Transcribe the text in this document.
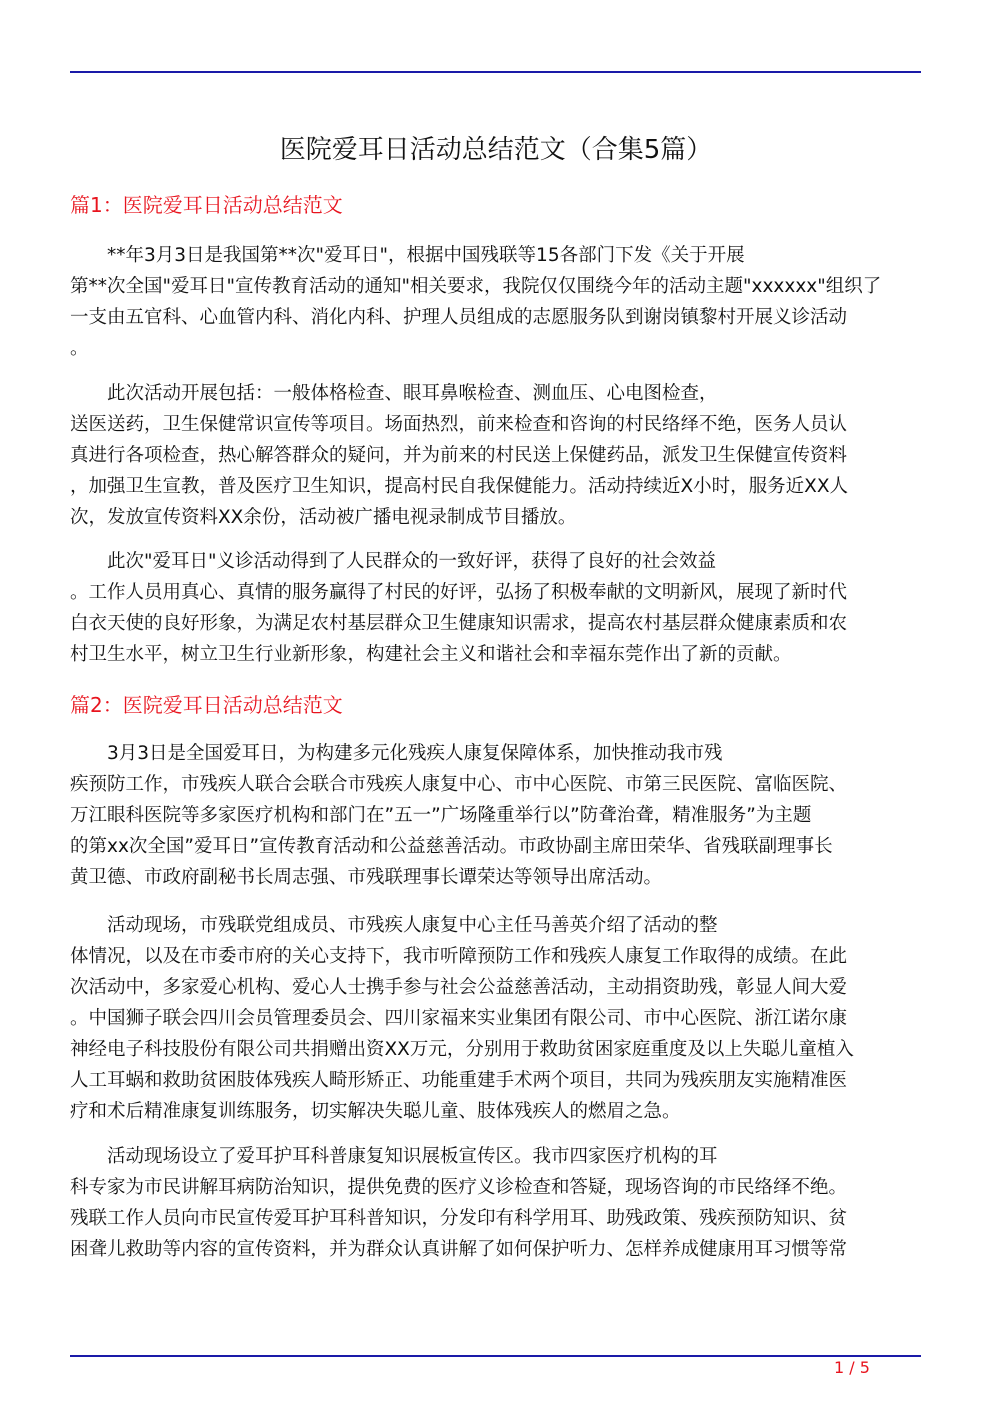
医院爱耳日活动总结范文（合集5篇）
篇1：医院爱耳日活动总结范文
**年3月3日是我国第**次"爱耳日"，根据中国残联等15各部门下发《关于开展
第**次全国"爱耳日"宣传教育活动的通知"相关要求，我院仅仅围绕今年的活动主题"xxxxxx"组织了
一支由五官科、心血管内科、消化内科、护理人员组成的志愿服务队到谢岗镇黎村开展义诊活动
。
此次活动开展包括：一般体格检查、眼耳鼻喉检查、测血压、心电图检查，
送医送药，卫生保健常识宣传等项目。场面热烈，前来检查和咨询的村民络绎不绝，医务人员认
真进行各项检查，热心解答群众的疑问，并为前来的村民送上保健药品，派发卫生保健宣传资料
，加强卫生宣教，普及医疗卫生知识，提高村民自我保健能力。活动持续近X小时，服务近XX人
次，发放宣传资料XX余份，活动被广播电视录制成节目播放。
此次"爱耳日"义诊活动得到了人民群众的一致好评，获得了良好的社会效益
。工作人员用真心、真情的服务赢得了村民的好评，弘扬了积极奉献的文明新风，展现了新时代
白衣天使的良好形象，为满足农村基层群众卫生健康知识需求，提高农村基层群众健康素质和农
村卫生水平，树立卫生行业新形象，构建社会主义和谐社会和幸福东莞作出了新的贡献。
篇2：医院爱耳日活动总结范文
3月3日是全国爱耳日，为构建多元化残疾人康复保障体系，加快推动我市残
疾预防工作，市残疾人联合会联合市残疾人康复中心、市中心医院、市第三民医院、富临医院、
万江眼科医院等多家医疗机构和部门在”五一”广场隆重举行以”防聋治聋，精准服务”为主题
的第xx次全国”爱耳日”宣传教育活动和公益慈善活动。市政协副主席田荣华、省残联副理事长
黄卫德、市政府副秘书长周志强、市残联理事长谭荣达等领导出席活动。
活动现场，市残联党组成员、市残疾人康复中心主任马善英介绍了活动的整
体情况，以及在市委市府的关心支持下，我市听障预防工作和残疾人康复工作取得的成绩。在此
次活动中，多家爱心机构、爱心人士携手参与社会公益慈善活动，主动捐资助残，彰显人间大爱
。中国狮子联会四川会员管理委员会、四川家福来实业集团有限公司、市中心医院、浙江诺尔康
神经电子科技股份有限公司共捐赠出资XX万元，分别用于救助贫困家庭重度及以上失聪儿童植入
人工耳蜗和救助贫困肢体残疾人畸形矫正、功能重建手术两个项目，共同为残疾朋友实施精准医
疗和术后精准康复训练服务，切实解决失聪儿童、肢体残疾人的燃眉之急。
活动现场设立了爱耳护耳科普康复知识展板宣传区。我市四家医疗机构的耳
科专家为市民讲解耳病防治知识，提供免费的医疗义诊检查和答疑，现场咨询的市民络绎不绝。
残联工作人员向市民宣传爱耳护耳科普知识，分发印有科学用耳、助残政策、残疾预防知识、贫
困聋儿救助等内容的宣传资料，并为群众认真讲解了如何保护听力、怎样养成健康用耳习惯等常
1 / 5
